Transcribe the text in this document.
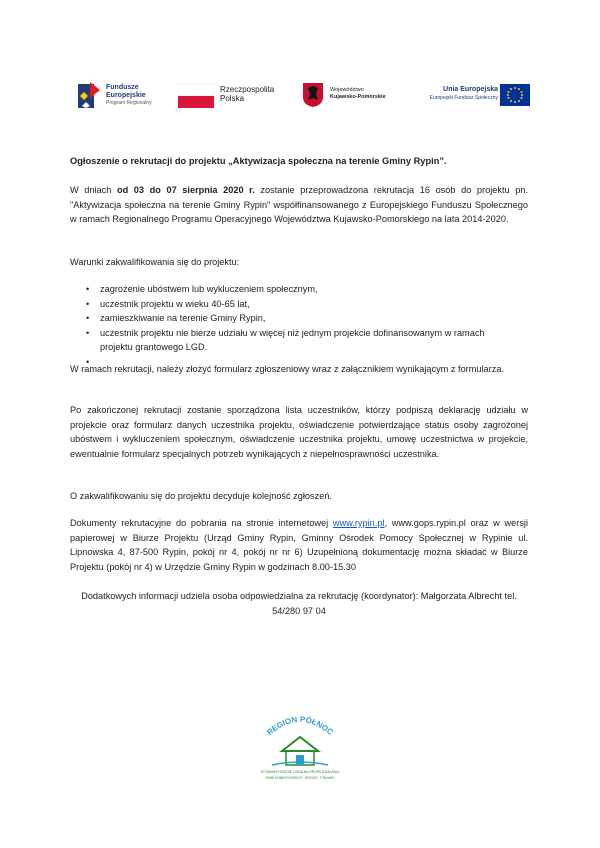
Fundusze
Europejskie
Program Regionalny
Rzeczpospolita
Polska
Województwo
Kujawsko-Pomorskie
Unia Europejska
Europejski Fundusz Społeczny
Ogłoszenie o rekrutacji do projektu „Aktywizacja społeczna na terenie Gminy Rypin”.
W dniach od 03 do 07 sierpnia 2020 r. zostanie przeprowadzona rekrutacja 16 osób do projektu pn. "Aktywizacja społeczna na terenie Gminy Rypin" współfinansowanego z Europejskiego Funduszu Społecznego w ramach Regionalnego Programu Operacyjnego Województwa Kujawsko-Pomorskiego na lata 2014-2020.
Warunki zakwalifikowania się do projektu:
• zagrożenie ubóstwem lub wykluczeniem społecznym,
• uczestnik projektu w wieku 40-65 lat,
• zamieszkiwanie na terenie Gminy Rypin,
• uczestnik projektu nie bierze udziału w więcej niż jednym projekcie dofinansowanym w ramach projektu grantowego LGD.
•
W ramach rekrutacji, należy złożyć formularz zgłoszeniowy wraz z załącznikiem wynikającym z formularza.
Po zakończonej rekrutacji zostanie sporządzona lista uczestników, którzy podpiszą deklarację udziału w projekcie oraz formularz danych uczestnika projektu, oświadczenie potwierdzające status osoby zagrożonej ubóstwem i wykluczeniem społecznym, oświadczenie uczestnika projektu, umowę uczestnictwa w projekcie, ewentualnie formularz specjalnych potrzeb wynikających z niepełnosprawności uczestnika.
O zakwalifikowaniu się do projektu decyduje kolejność zgłoszeń.
Dokumenty rekrutacyjne do pobrania na stronie internetowej www.rypin.pl, www.gops.rypin.pl oraz w wersji papierowej w Biurze Projektu (Urząd Gminy Rypin, Gminny Ośrodek Pomocy Społecznej w Rypinie ul. Lipnowska 4, 87-500 Rypin, pokój nr 4, pokój nr nr 6) Uzupełnioną dokumentację można składać w Biurze Projektu (pokój nr 4) w Urzędzie Gminy Rypin w godzinach 8.00-15.30
Dodatkowych informacji udziela osoba odpowiedzialna za rekrutację (koordynator): Małgorzata Albrecht tel. 54/280 97 04
REGION PÓŁNOC
STOWARZYSZENIE LOKALNA GRUPA DZIAŁANIA
GMIN DOBRZYŃSKICH · ROGÓŻ · PÓŁNOC
